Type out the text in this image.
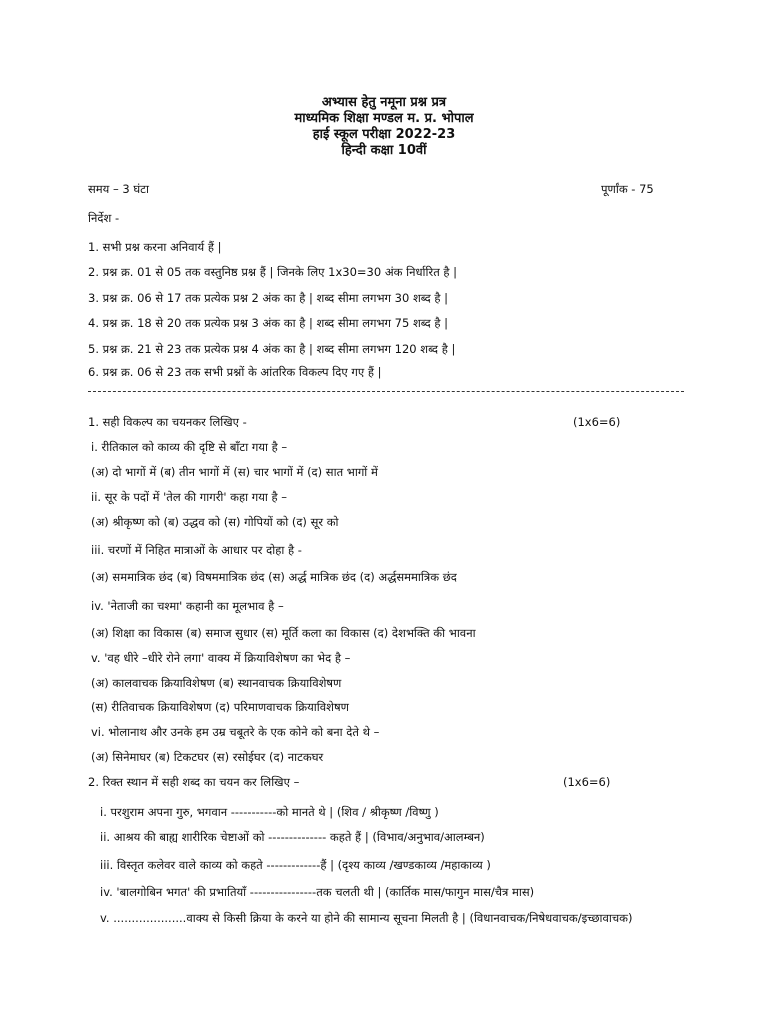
अभ्यास हेतु नमूना प्रश्न प्रत्र
माध्यमिक शिक्षा मण्डल म. प्र. भोपाल
हाई स्कूल परीक्षा 2022-23
हिन्दी कक्षा 10वीं
समय – 3 घंटा	पूर्णांक - 75
निर्देश -
1. सभी प्रश्न करना अनिवार्य हैं |
2. प्रश्न क्र. 01 से 05 तक वस्तुनिष्ठ प्रश्न हैं | जिनके लिए 1x30=30 अंक निर्धारित है |
3. प्रश्न क्र. 06 से 17 तक प्रत्येक प्रश्न 2 अंक का है | शब्द सीमा लगभग 30 शब्द है |
4. प्रश्न क्र. 18 से 20 तक प्रत्येक प्रश्न 3 अंक का है | शब्द सीमा लगभग 75 शब्द है |
5. प्रश्न क्र. 21 से 23 तक प्रत्येक प्रश्न 4 अंक का है | शब्द सीमा लगभग 120 शब्द है |
6. प्रश्न क्र. 06 से 23 तक सभी प्रश्नों के आंतरिक विकल्प दिए गए हैं |
1. सही विकल्प का चयनकर लिखिए -	(1x6=6)
i. रीतिकाल को काव्य की दृष्टि से बाँटा गया है –
(अ) दो भागों में (ब) तीन भागों में (स) चार भागों में (द) सात भागों में
ii. सूर के पदों में 'तेल की गागरी' कहा गया है –
(अ) श्रीकृष्ण को (ब) उद्धव को (स) गोपियों को (द) सूर को
iii. चरणों में निहित मात्राओं के आधार पर दोहा है -
(अ) सममात्रिक छंद (ब) विषममात्रिक छंद (स) अर्द्ध मात्रिक छंद (द) अर्द्धसममात्रिक छंद
iv. 'नेताजी का चश्मा' कहानी का मूलभाव है –
(अ) शिक्षा का विकास (ब) समाज सुधार (स) मूर्ति कला का विकास (द) देशभक्ति की भावना
v. 'वह धीरे –धीरे रोने लगा' वाक्य में क्रियाविशेषण का भेद है –
(अ) कालवाचक क्रियाविशेषण (ब) स्थानवाचक क्रियाविशेषण
(स) रीतिवाचक क्रियाविशेषण (द) परिमाणवाचक क्रियाविशेषण
vi. भोलानाथ और उनके हम उम्र चबूतरे के एक कोने को बना देते थे –
(अ) सिनेमाघर (ब) टिकटघर (स) रसोईघर (द) नाटकघर
2. रिक्त स्थान में सही शब्द का चयन कर लिखिए –	(1x6=6)
i. परशुराम अपना गुरु, भगवान -----------को मानते थे | (शिव / श्रीकृष्ण /विष्णु )
ii. आश्रय की बाह्य शारीरिक चेष्टाओं को -------------- कहते हैं | (विभाव/अनुभाव/आलम्बन)
iii. विस्तृत कलेवर वाले काव्य को कहते -------------हैं | (दृश्य काव्य /खण्डकाव्य /महाकाव्य )
iv. 'बालगोबिन भगत' की प्रभातियाँ ----------------तक चलती थी | (कार्तिक मास/फागुन मास/चैत्र मास)
v. ....................वाक्य से किसी क्रिया के करने या होने की सामान्य सूचना मिलती है | (विधानवाचक/निषेधवाचक/इच्छावाचक)
